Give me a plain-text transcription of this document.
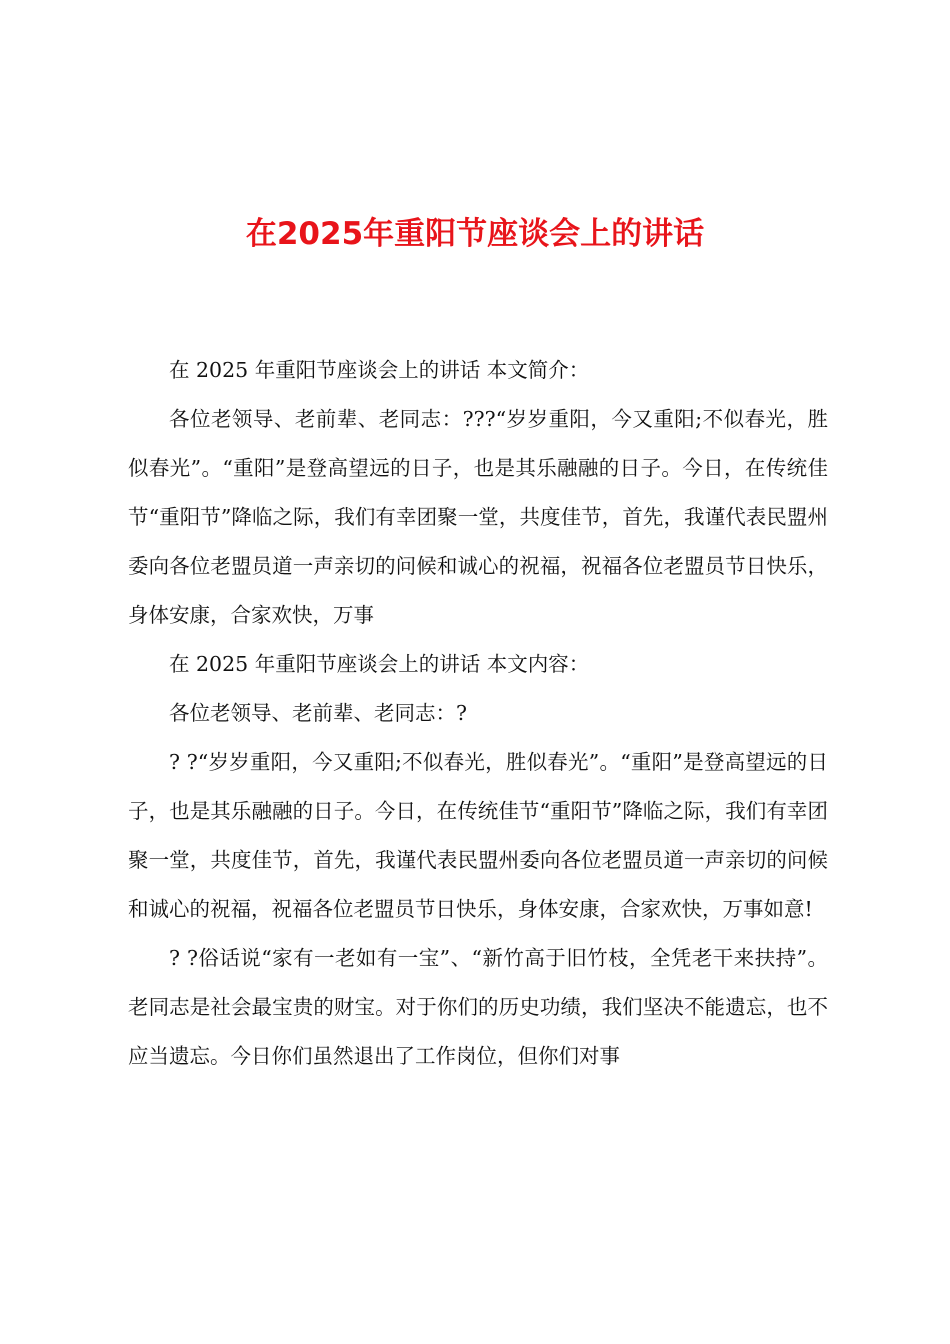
在2025年重阳节座谈会上的讲话

在 2025 年重阳节座谈会上的讲话 本文简介：

各位老领导、老前辈、老同志：???“岁岁重阳，今又重阳;不似春光，胜似春光”。“重阳”是登高望远的日子，也是其乐融融的日子。今日，在传统佳节“重阳节”降临之际，我们有幸团聚一堂，共度佳节，首先，我谨代表民盟州委向各位老盟员道一声亲切的问候和诚心的祝福，祝福各位老盟员节日快乐，身体安康，合家欢快，万事

在 2025 年重阳节座谈会上的讲话 本文内容：

各位老领导、老前辈、老同志：?

? ?“岁岁重阳，今又重阳;不似春光，胜似春光”。“重阳”是登高望远的日子，也是其乐融融的日子。今日，在传统佳节“重阳节”降临之际，我们有幸团聚一堂，共度佳节，首先，我谨代表民盟州委向各位老盟员道一声亲切的问候和诚心的祝福，祝福各位老盟员节日快乐，身体安康，合家欢快，万事如意!

? ?俗话说“家有一老如有一宝”、“新竹高于旧竹枝，全凭老干来扶持”。老同志是社会最宝贵的财宝。对于你们的历史功绩，我们坚决不能遗忘，也不应当遗忘。今日你们虽然退出了工作岗位，但你们对事
